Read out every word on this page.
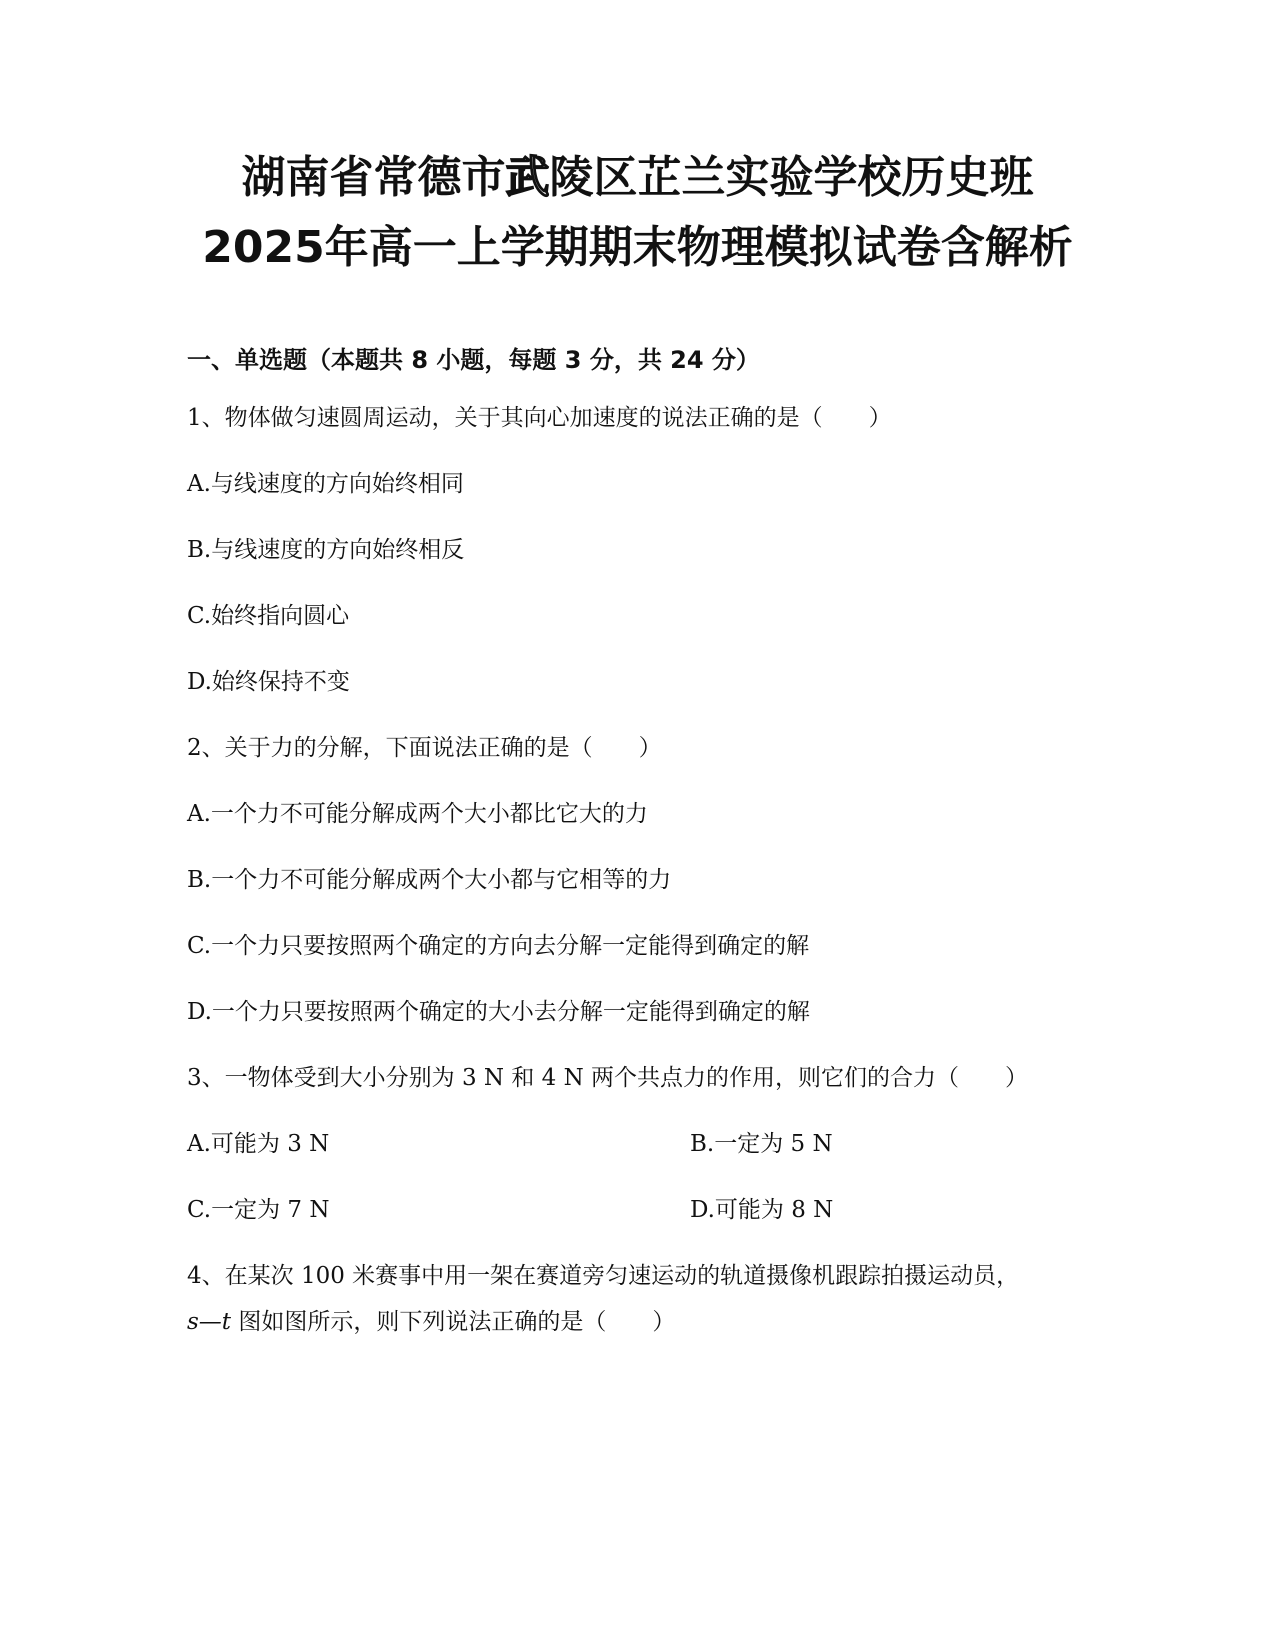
湖南省常德市武陵区芷兰实验学校历史班
2025年高一上学期期末物理模拟试卷含解析

一、单选题（本题共 8 小题，每题 3 分，共 24 分）

1、物体做匀速圆周运动，关于其向心加速度的说法正确的是（　　）

A.与线速度的方向始终相同

B.与线速度的方向始终相反

C.始终指向圆心

D.始终保持不变

2、关于力的分解，下面说法正确的是（　　）

A.一个力不可能分解成两个大小都比它大的力

B.一个力不可能分解成两个大小都与它相等的力

C.一个力只要按照两个确定的方向去分解一定能得到确定的解

D.一个力只要按照两个确定的大小去分解一定能得到确定的解

3、一物体受到大小分别为 3 N 和 4 N 两个共点力的作用，则它们的合力（　　）

A.可能为 3 N	B.一定为 5 N

C.一定为 7 N	D.可能为 8 N

4、在某次 100 米赛事中用一架在赛道旁匀速运动的轨道摄像机跟踪拍摄运动员，

s—t 图如图所示，则下列说法正确的是（　　）
